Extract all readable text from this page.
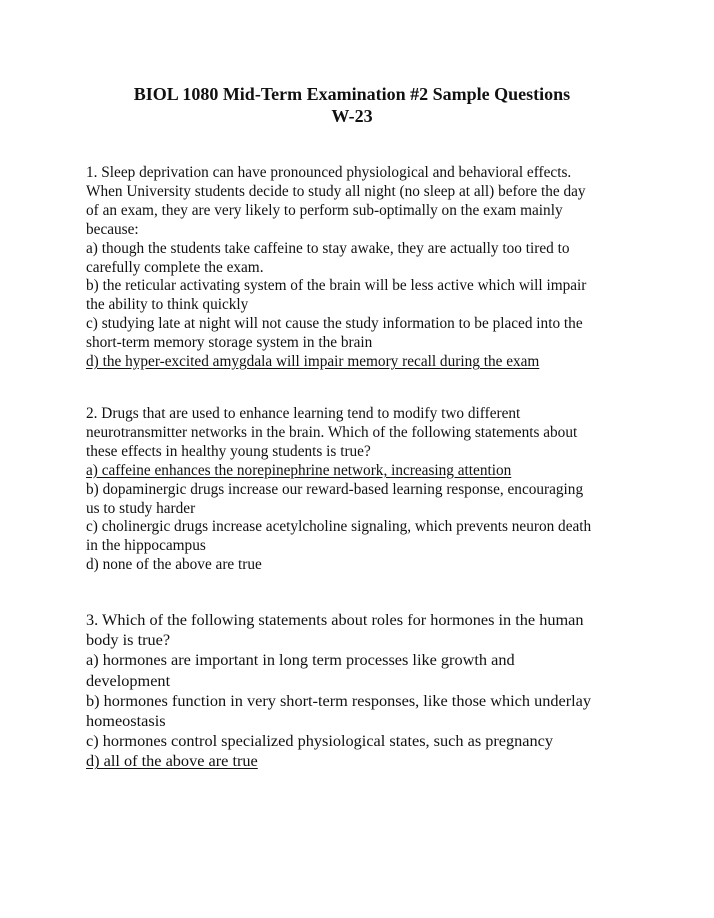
BIOL 1080 Mid-Term Examination #2 Sample Questions
W-23
1. Sleep deprivation can have pronounced physiological and behavioral effects.
When University students decide to study all night (no sleep at all) before the day
of an exam, they are very likely to perform sub-optimally on the exam mainly
because:
a) though the students take caffeine to stay awake, they are actually too tired to
carefully complete the exam.
b) the reticular activating system of the brain will be less active which will impair
the ability to think quickly
c) studying late at night will not cause the study information to be placed into the
short-term memory storage system in the brain
d) the hyper-excited amygdala will impair memory recall during the exam
2. Drugs that are used to enhance learning tend to modify two different
neurotransmitter networks in the brain. Which of the following statements about
these effects in healthy young students is true?
a) caffeine enhances the norepinephrine network, increasing attention
b) dopaminergic drugs increase our reward-based learning response, encouraging
us to study harder
c) cholinergic drugs increase acetylcholine signaling, which prevents neuron death
in the hippocampus
d) none of the above are true
3. Which of the following statements about roles for hormones in the human
body is true?
a) hormones are important in long term processes like growth and
development
b) hormones function in very short-term responses, like those which underlay
homeostasis
c) hormones control specialized physiological states, such as pregnancy
d) all of the above are true
